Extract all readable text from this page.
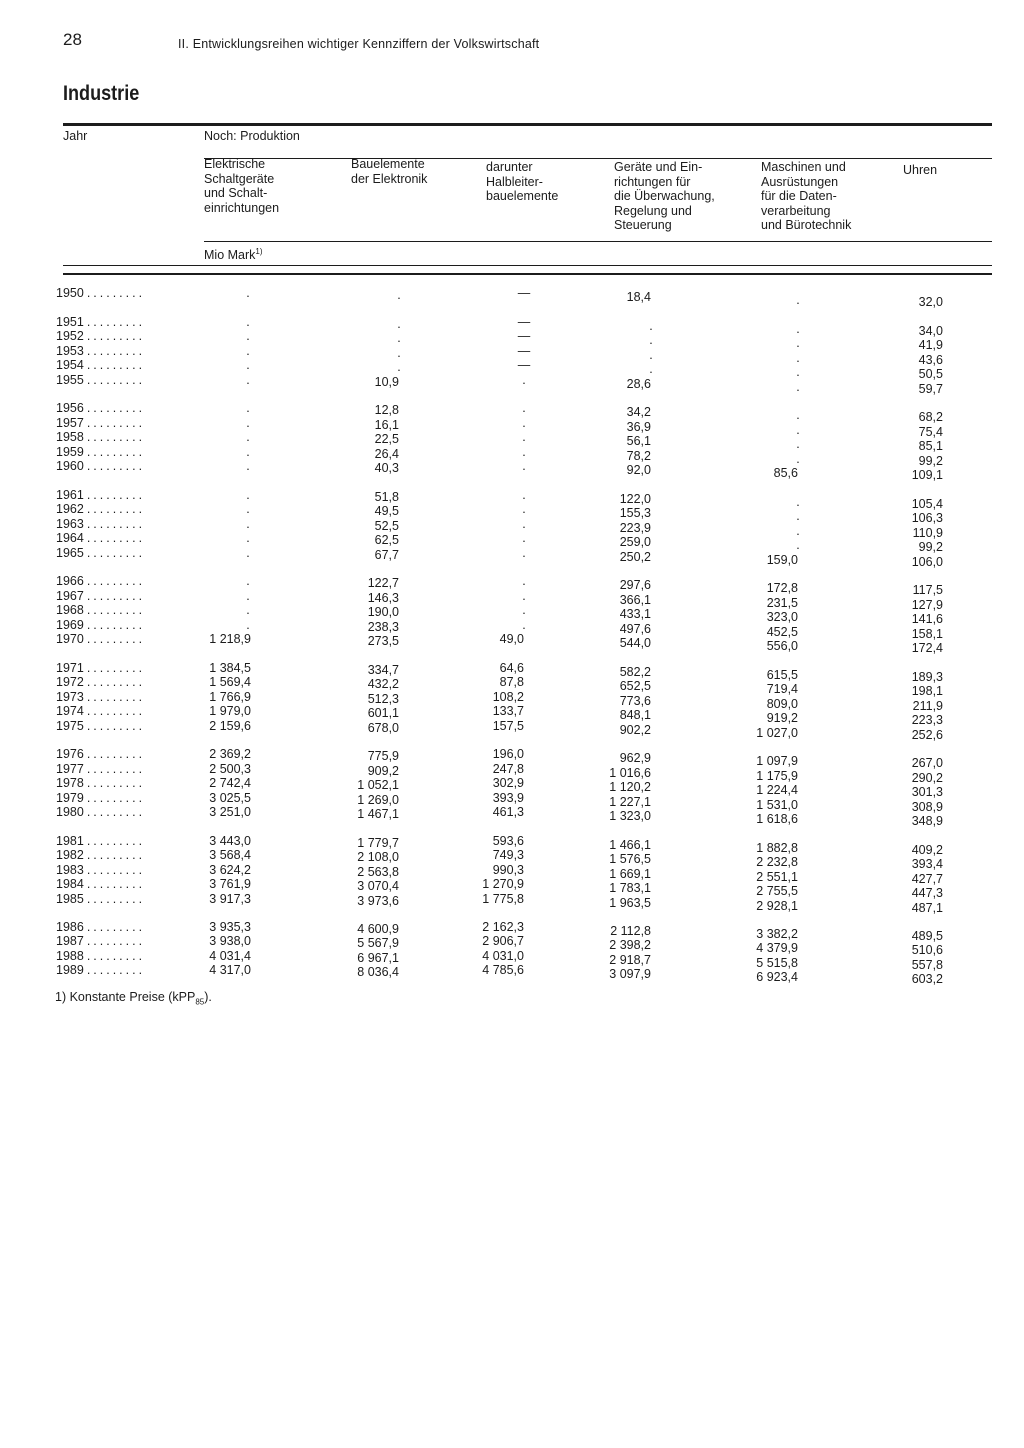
28	II. Entwicklungsreihen wichtiger Kennziffern der Volkswirtschaft
Industrie
Jahr	Noch: Produktion
Elektrische
Schaltgeräte
und Schalt-
einrichtungen
Bauelemente
der Elektronik
darunter
Halbleiter-
bauelemente
Geräte und Ein-
richtungen für
die Überwachung,
Regelung und
Steuerung
Maschinen und
Ausrüstungen
für die Daten-
verarbeitung
und Bürotechnik
Uhren
Mio Mark$^{1)}$
1950 .........	.	.	—	18,4	.	32,0
1951 .........	.	.	—	.	.	34,0
1952 .........	.	.	—	.	.	41,9
1953 .........	.	.	—	.	.	43,6
1954 .........	.	.	—	.	.	50,5
1955 .........	.	10,9	.	28,6	.	59,7
1956 .........	.	12,8	.	34,2	.	68,2
1957 .........	.	16,1	.	36,9	.	75,4
1958 .........	.	22,5	.	56,1	.	85,1
1959 .........	.	26,4	.	78,2	.	99,2
1960 .........	.	40,3	.	92,0	85,6	109,1
1961 .........	.	51,8	.	122,0	.	105,4
1962 .........	.	49,5	.	155,3	.	106,3
1963 .........	.	52,5	.	223,9	.	110,9
1964 .........	.	62,5	.	259,0	.	99,2
1965 .........	.	67,7	.	250,2	159,0	106,0
1966 .........	.	122,7	.	297,6	172,8	117,5
1967 .........	.	146,3	.	366,1	231,5	127,9
1968 .........	.	190,0	.	433,1	323,0	141,6
1969 .........	.	238,3	.	497,6	452,5	158,1
1970 .........	1 218,9	273,5	49,0	544,0	556,0	172,4
1971 .........	1 384,5	334,7	64,6	582,2	615,5	189,3
1972 .........	1 569,4	432,2	87,8	652,5	719,4	198,1
1973 .........	1 766,9	512,3	108,2	773,6	809,0	211,9
1974 .........	1 979,0	601,1	133,7	848,1	919,2	223,3
1975 .........	2 159,6	678,0	157,5	902,2	1 027,0	252,6
1976 .........	2 369,2	775,9	196,0	962,9	1 097,9	267,0
1977 .........	2 500,3	909,2	247,8	1 016,6	1 175,9	290,2
1978 .........	2 742,4	1 052,1	302,9	1 120,2	1 224,4	301,3
1979 .........	3 025,5	1 269,0	393,9	1 227,1	1 531,0	308,9
1980 .........	3 251,0	1 467,1	461,3	1 323,0	1 618,6	348,9
1981 .........	3 443,0	1 779,7	593,6	1 466,1	1 882,8	409,2
1982 .........	3 568,4	2 108,0	749,3	1 576,5	2 232,8	393,4
1983 .........	3 624,2	2 563,8	990,3	1 669,1	2 551,1	427,7
1984 .........	3 761,9	3 070,4	1 270,9	1 783,1	2 755,5	447,3
1985 .........	3 917,3	3 973,6	1 775,8	1 963,5	2 928,1	487,1
1986 .........	3 935,3	4 600,9	2 162,3	2 112,8	3 382,2	489,5
1987 .........	3 938,0	5 567,9	2 906,7	2 398,2	4 379,9	510,6
1988 .........	4 031,4	6 967,1	4 031,0	2 918,7	5 515,8	557,8
1989 .........	4 317,0	8 036,4	4 785,6	3 097,9	6 923,4	603,2
1) Konstante Preise (kPP$_{85}$).
